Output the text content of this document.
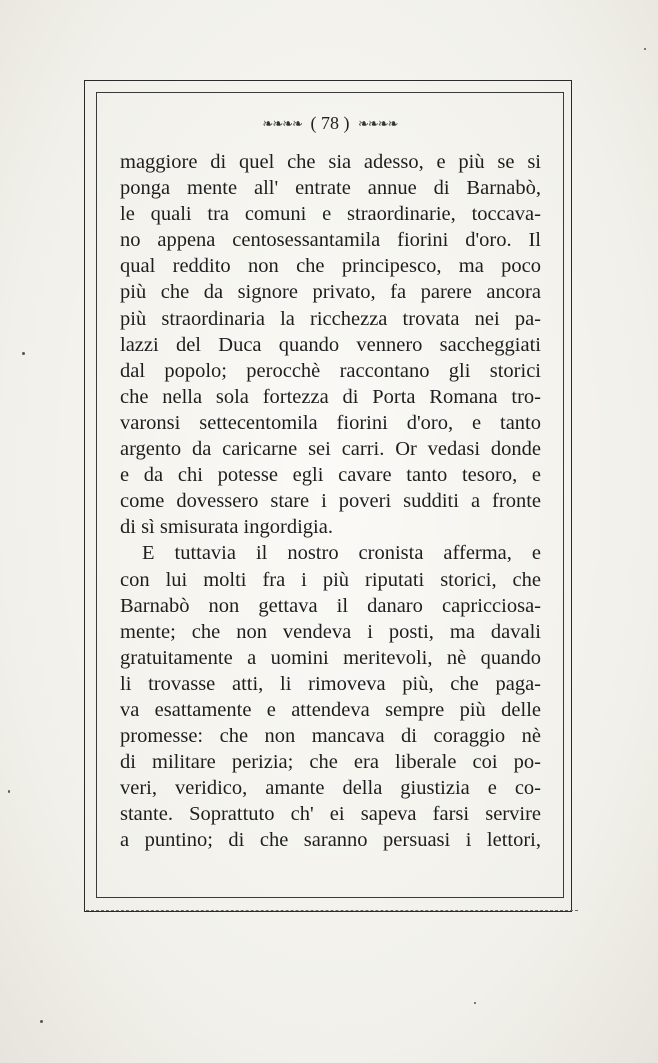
❧❧❧❧ ( 78 ) ❧❧❧❧
maggiore di quel che sia adesso, e più se si
ponga mente all' entrate annue di Barnabò,
le quali tra comuni e straordinarie, toccava-
no appena centosessantamila fiorini d'oro. Il
qual reddito non che principesco, ma poco
più che da signore privato, fa parere ancora
più straordinaria la ricchezza trovata nei pa-
lazzi del Duca quando vennero saccheggiati
dal popolo; perocchè raccontano gli storici
che nella sola fortezza di Porta Romana tro-
varonsi settecentomila fiorini d'oro, e tanto
argento da caricarne sei carri. Or vedasi donde
e da chi potesse egli cavare tanto tesoro, e
come dovessero stare i poveri sudditi a fronte
di sì smisurata ingordigia.
E tuttavia il nostro cronista afferma, e
con lui molti fra i più riputati storici, che
Barnabò non gettava il danaro capricciosa-
mente; che non vendeva i posti, ma davali
gratuitamente a uomini meritevoli, nè quando
li trovasse atti, li rimoveva più, che paga-
va esattamente e attendeva sempre più delle
promesse: che non mancava di coraggio nè
di militare perizia; che era liberale coi po-
veri, veridico, amante della giustizia e co-
stante. Soprattuto ch' ei sapeva farsi servire
a puntino; di che saranno persuasi i lettori,
